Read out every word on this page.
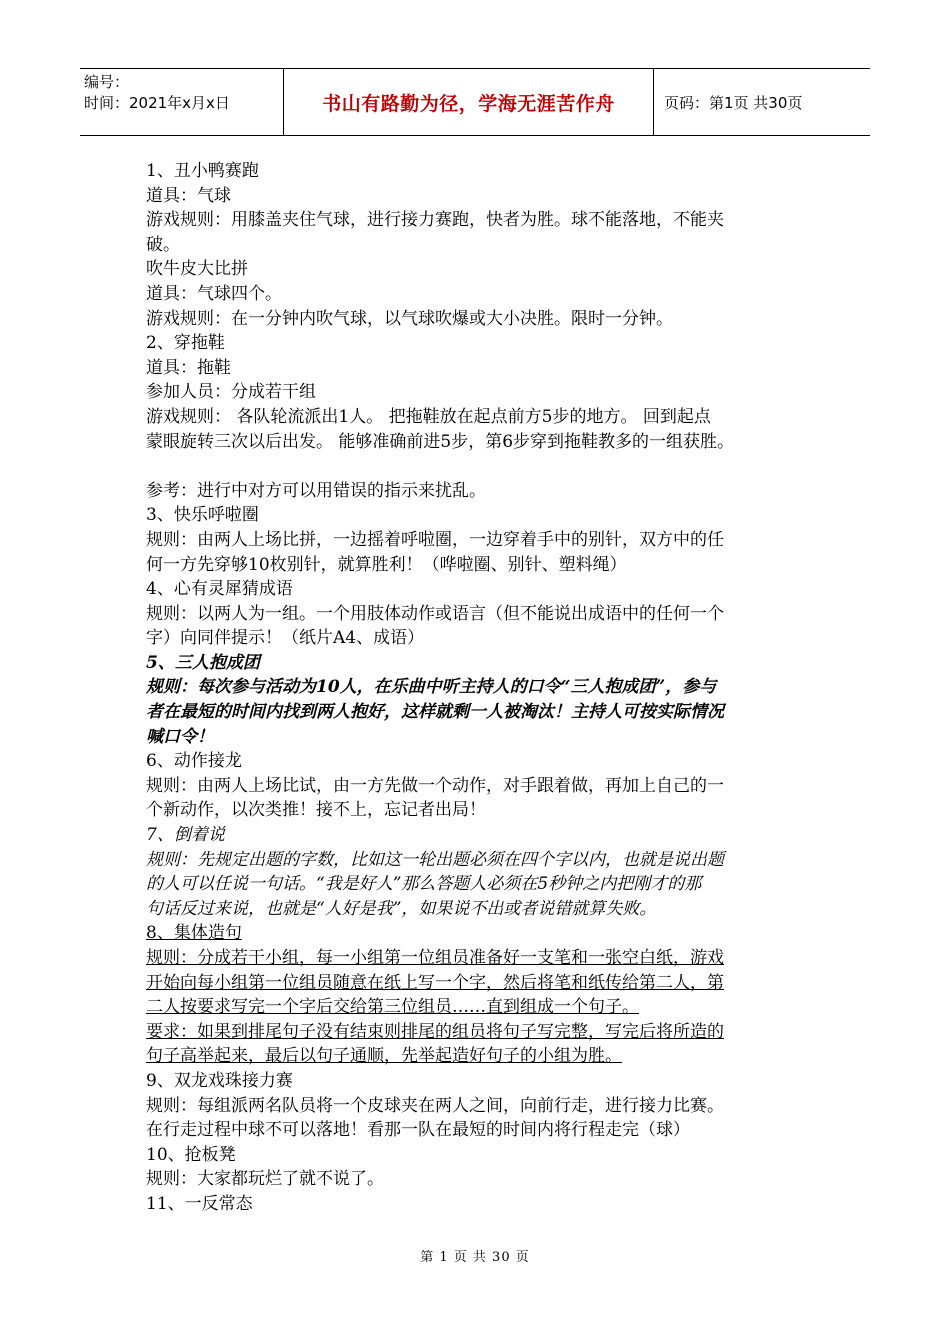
编号：
时间：2021年x月x日	书山有路勤为径，学海无涯苦作舟	页码：第1页 共30页
1、丑小鸭赛跑
道具：气球
游戏规则：用膝盖夹住气球，进行接力赛跑，快者为胜。球不能落地，不能夹
破。
吹牛皮大比拼
道具：气球四个。
游戏规则：在一分钟内吹气球，以气球吹爆或大小决胜。限时一分钟。
2、穿拖鞋
道具：拖鞋
参加人员：分成若干组
游戏规则： 各队轮流派出1人。 把拖鞋放在起点前方5步的地方。 回到起点
蒙眼旋转三次以后出发。 能够准确前进5步，第6步穿到拖鞋教多的一组获胜。
参考：进行中对方可以用错误的指示来扰乱。
3、快乐呼啦圈
规则：由两人上场比拼，一边摇着呼啦圈，一边穿着手中的别针，双方中的任
何一方先穿够10枚别针，就算胜利！（哗啦圈、别针、塑料绳）
4、心有灵犀猜成语
规则：以两人为一组。一个用肢体动作或语言（但不能说出成语中的任何一个
字）向同伴提示！（纸片A4、成语）
5、三人抱成团
规则：每次参与活动为10人，在乐曲中听主持人的口令“三人抱成团”，参与
者在最短的时间内找到两人抱好，这样就剩一人被淘汰！主持人可按实际情况
喊口令！
6、动作接龙
规则：由两人上场比试，由一方先做一个动作，对手跟着做，再加上自己的一
个新动作，以次类推！接不上，忘记者出局！
7、倒着说
规则：先规定出题的字数，比如这一轮出题必须在四个字以内，也就是说出题
的人可以任说一句话。“我是好人”那么答题人必须在5秒钟之内把刚才的那
句话反过来说，也就是“人好是我”，如果说不出或者说错就算失败。
8、集体造句
规则：分成若干小组，每一小组第一位组员准备好一支笔和一张空白纸，游戏
开始向每小组第一位组员随意在纸上写一个字，然后将笔和纸传给第二人，第
二人按要求写完一个字后交给第三位组员……直到组成一个句子。
要求：如果到排尾句子没有结束则排尾的组员将句子写完整，写完后将所造的
句子高举起来，最后以句子通顺，先举起造好句子的小组为胜。
9、双龙戏珠接力赛
规则：每组派两名队员将一个皮球夹在两人之间，向前行走，进行接力比赛。
在行走过程中球不可以落地！看那一队在最短的时间内将行程走完（球）
10、抢板凳
规则：大家都玩烂了就不说了。
11、一反常态
第 1 页 共 30 页
